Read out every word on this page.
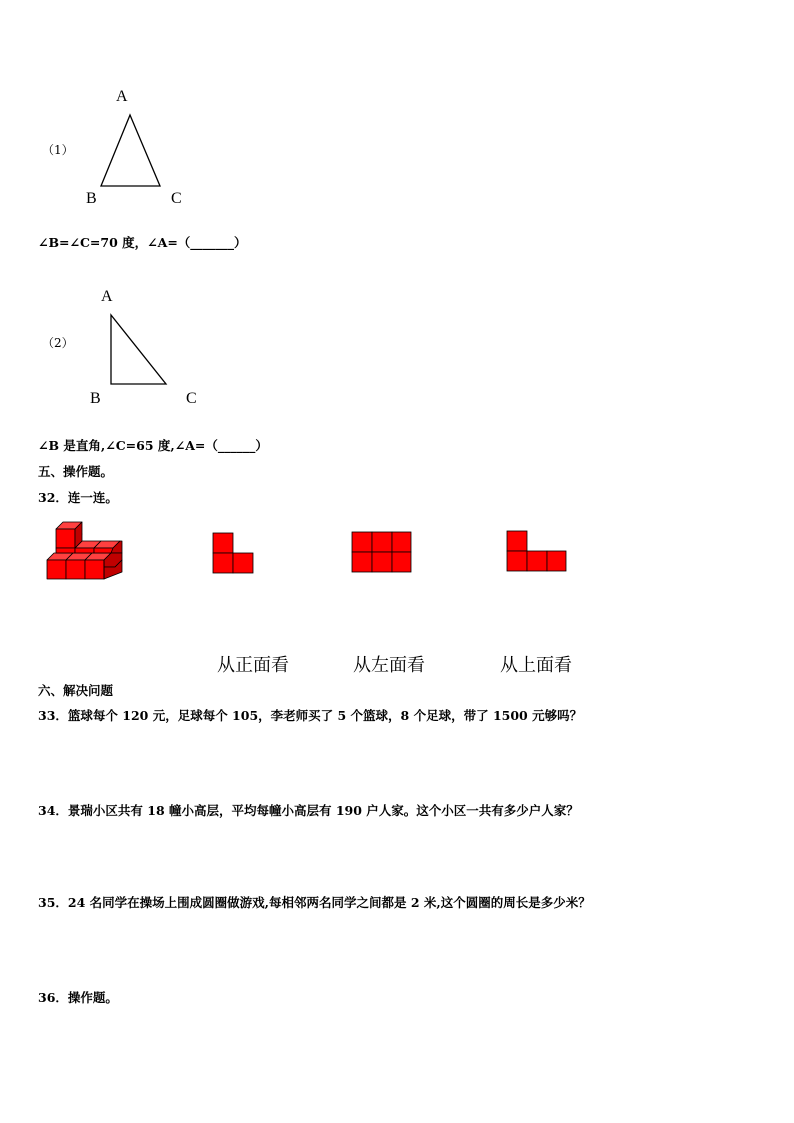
（1）
A
B	C
∠B=∠C=70 度，∠A=（_______）
（2）
A
B	C
∠B 是直角,∠C=65 度,∠A=（______）
五、操作题。
32．连一连。
从正面看	从左面看	从上面看
六、解决问题
33．篮球每个 120 元，足球每个 105，李老师买了 5 个篮球，8 个足球，带了 1500 元够吗？
34．景瑞小区共有 18 幢小高层，平均每幢小高层有 190 户人家。这个小区一共有多少户人家？
35．24 名同学在操场上围成圆圈做游戏,每相邻两名同学之间都是 2 米,这个圆圈的周长是多少米？
36．操作题。
